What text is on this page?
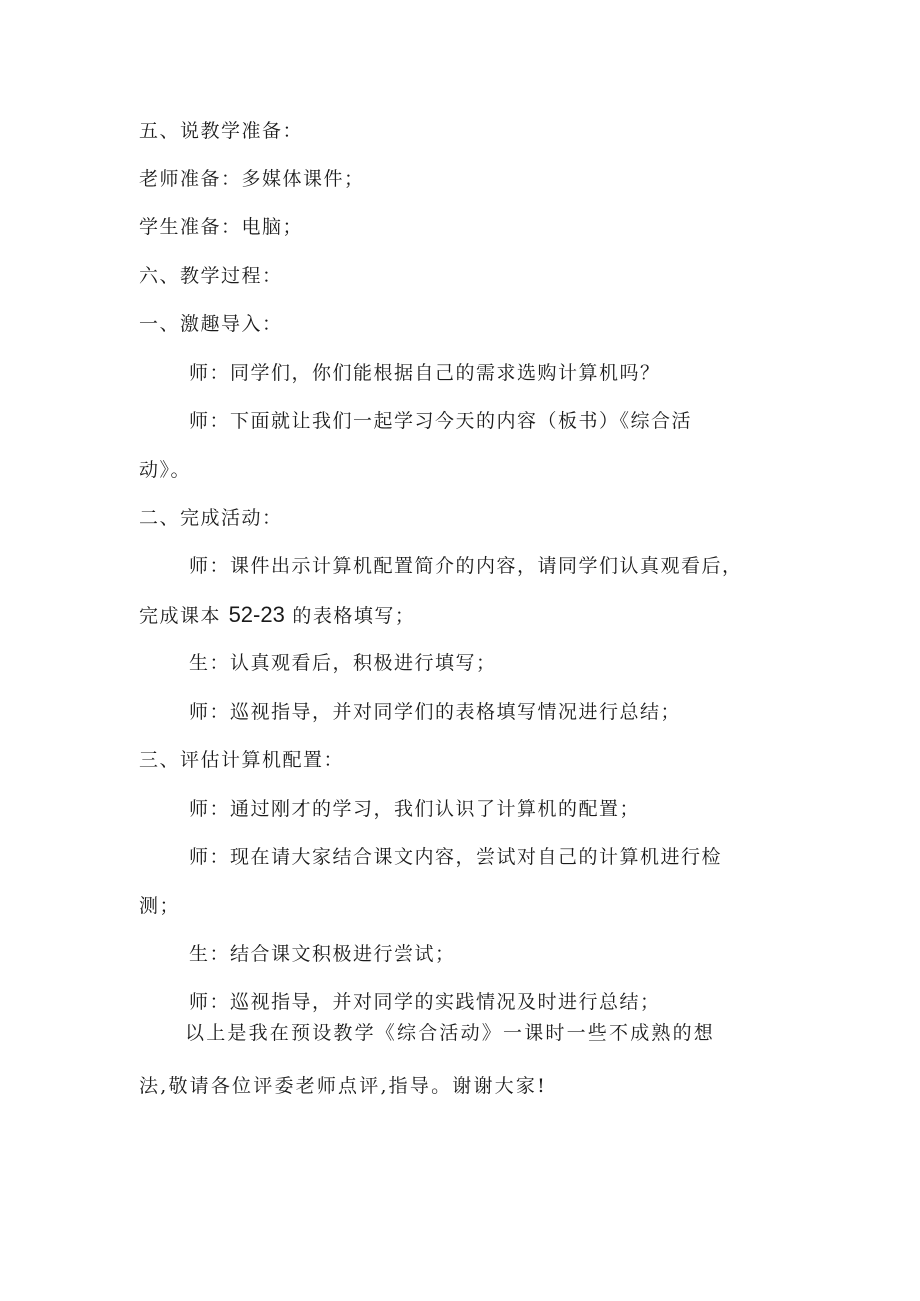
五、说教学准备：
老师准备：多媒体课件；
学生准备：电脑；
六、教学过程：
一、激趣导入：
师：同学们，你们能根据自己的需求选购计算机吗？
师：下面就让我们一起学习今天的内容（板书）《综合活
动》。
二、完成活动：
师：课件出示计算机配置简介的内容，请同学们认真观看后，
完成课本 52-23 的表格填写；
生：认真观看后，积极进行填写；
师：巡视指导，并对同学们的表格填写情况进行总结；
三、评估计算机配置：
师：通过刚才的学习，我们认识了计算机的配置；
师：现在请大家结合课文内容，尝试对自己的计算机进行检
测；
生：结合课文积极进行尝试；
师：巡视指导，并对同学的实践情况及时进行总结；
以上是我在预设教学《综合活动》一课时一些不成熟的想
法,敬请各位评委老师点评,指导。谢谢大家!
